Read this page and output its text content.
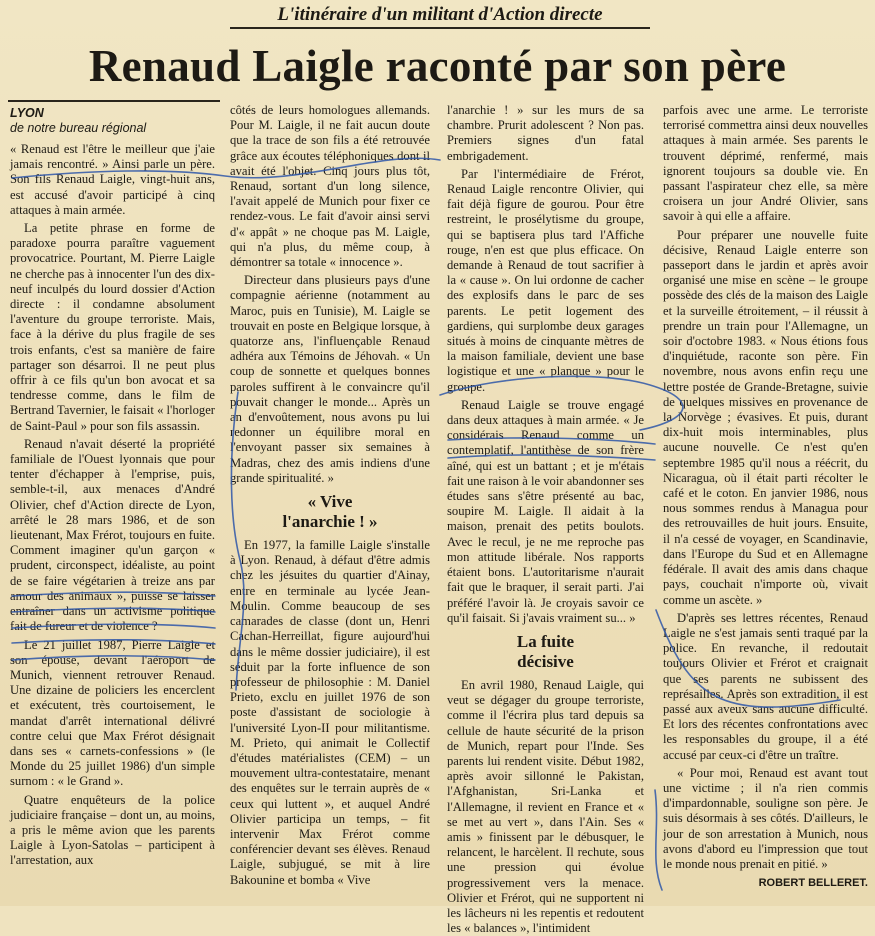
L'itinéraire d'un militant d'Action directe
Renaud Laigle raconté par son père
LYON
de notre bureau régional

« Renaud est l'être le meilleur que j'aie jamais rencontré. » Ainsi parle un père. Son fils Renaud Laigle, vingt-huit ans, est accusé d'avoir participé à cinq attaques à main armée.

La petite phrase en forme de paradoxe pourra paraître vaguement provocatrice. Pourtant, M. Pierre Laigle ne cherche pas à innocenter l'un des dix-neuf inculpés du lourd dossier d'Action directe : il condamne absolument l'aventure du groupe terroriste. Mais, face à la dérive du plus fragile de ses trois enfants, c'est sa manière de faire partager son désarroi. Il ne peut plus offrir à ce fils qu'un bon avocat et sa tendresse comme, dans le film de Bertrand Tavernier, le faisait « l'horloger de Saint-Paul » pour son fils assassin.

Renaud n'avait déserté la propriété familiale de l'Ouest lyonnais que pour tenter d'échapper à l'emprise, puis, semble-t-il, aux menaces d'André Olivier, chef d'Action directe de Lyon, arrêté le 28 mars 1986, et de son lieutenant, Max Frérot, toujours en fuite. Comment imaginer qu'un garçon « prudent, circonspect, idéaliste, au point de se faire végétarien à treize ans par amour des animaux », puisse se laisser entraîner dans un activisme politique fait de fureur et de violence ?

Le 21 juillet 1987, Pierre Laigle et son épouse, devant l'aéroport de Munich, viennent retrouver Renaud. Une dizaine de policiers les encerclent et exécutent, très courtoisement, le mandat d'arrêt international délivré contre celui que Max Frérot désignait dans ses « carnets-confessions » (le Monde du 25 juillet 1986) d'un simple surnom : « le Grand ».

Quatre enquêteurs de la police judiciaire française – dont un, au moins, a pris le même avion que les parents Laigle à Lyon-Satolas – participent à l'arrestation, aux

côtés de leurs homologues allemands. Pour M. Laigle, il ne fait aucun doute que la trace de son fils a été retrouvée grâce aux écoutes téléphoniques dont il avait été l'objet. Cinq jours plus tôt, Renaud, sortant d'un long silence, l'avait appelé de Munich pour fixer ce rendez-vous. Le fait d'avoir ainsi servi d'« appât » ne choque pas M. Laigle, qui n'a plus, du même coup, à démontrer sa totale « innocence ».

Directeur dans plusieurs pays d'une compagnie aérienne (notamment au Maroc, puis en Tunisie), M. Laigle se trouvait en poste en Belgique lorsque, à quatorze ans, l'influençable Renaud adhéra aux Témoins de Jéhovah. « Un coup de sonnette et quelques bonnes paroles suffirent à le convaincre qu'il pouvait changer le monde... Après un an d'envoûtement, nous avons pu lui redonner un équilibre moral en l'envoyant passer six semaines à Madras, chez des amis indiens d'une grande spiritualité. »

« Vive
l'anarchie ! »

En 1977, la famille Laigle s'installe à Lyon. Renaud, à défaut d'être admis chez les jésuites du quartier d'Ainay, entre en terminale au lycée Jean-Moulin. Comme beaucoup de ses camarades de classe (dont un, Henri Cachan-Herreillat, figure aujourd'hui dans le même dossier judiciaire), il est séduit par la forte influence de son professeur de philosophie : M. Daniel Prieto, exclu en juillet 1976 de son poste d'assistant de sociologie à l'université Lyon-II pour militantisme. M. Prieto, qui animait le Collectif d'études matérialistes (CEM) – un mouvement ultra-contestataire, menant des enquêtes sur le terrain auprès de « ceux qui luttent », et auquel André Olivier participa un temps, – fit intervenir Max Frérot comme conférencier devant ses élèves. Renaud Laigle, subjugué, se mit à lire Bakounine et bomba « Vive

l'anarchie ! » sur les murs de sa chambre. Prurit adolescent ? Non pas. Premiers signes d'un fatal embrigadement.

Par l'intermédiaire de Frérot, Renaud Laigle rencontre Olivier, qui fait déjà figure de gourou. Pour être restreint, le prosélytisme du groupe, qui se baptisera plus tard l'Affiche rouge, n'en est que plus efficace. On demande à Renaud de tout sacrifier à la « cause ». On lui ordonne de cacher des explosifs dans le parc de ses parents. Le petit logement des gardiens, qui surplombe deux garages situés à moins de cinquante mètres de la maison familiale, devient une base logistique et une « planque » pour le groupe.

Renaud Laigle se trouve engagé dans deux attaques à main armée. « Je considérais Renaud comme un contemplatif, l'antithèse de son frère aîné, qui est un battant ; et je m'étais fait une raison à le voir abandonner ses études sans s'être présenté au bac, soupire M. Laigle. Il aidait à la maison, prenait des petits boulots. Avec le recul, je ne me reproche pas mon attitude libérale. Nos rapports étaient bons. L'autoritarisme n'aurait fait que le braquer, il serait parti. J'ai préféré l'avoir là. Je croyais savoir ce qu'il faisait. Si j'avais vraiment su... »

La fuite
décisive

En avril 1980, Renaud Laigle, qui veut se dégager du groupe terroriste, comme il l'écrira plus tard depuis sa cellule de haute sécurité de la prison de Munich, repart pour l'Inde. Ses parents lui rendent visite. Début 1982, après avoir sillonné le Pakistan, l'Afghanistan, Sri-Lanka et l'Allemagne, il revient en France et « se met au vert », dans l'Ain. Ses « amis » finissent par le débusquer, le relancent, le harcèlent. Il rechute, sous une pression qui évolue progressivement vers la menace. Olivier et Frérot, qui ne supportent ni les lâcheurs ni les repentis et redoutent les « balances », l'intimident

parfois avec une arme. Le terroriste terrorisé commettra ainsi deux nouvelles attaques à main armée. Ses parents le trouvent déprimé, renfermé, mais ignorent toujours sa double vie. En passant l'aspirateur chez elle, sa mère croisera un jour André Olivier, sans savoir à qui elle a affaire.

Pour préparer une nouvelle fuite décisive, Renaud Laigle enterre son passeport dans le jardin et après avoir organisé une mise en scène – le groupe possède des clés de la maison des Laigle et la surveille étroitement, – il réussit à prendre un train pour l'Allemagne, un soir d'octobre 1983. « Nous étions fous d'inquiétude, raconte son père. Fin novembre, nous avons enfin reçu une lettre postée de Grande-Bretagne, suivie de quelques missives en provenance de la Norvège ; évasives. Et puis, durant dix-huit mois interminables, plus aucune nouvelle. Ce n'est qu'en septembre 1985 qu'il nous a réécrit, du Nicaragua, où il était parti récolter le café et le coton. En janvier 1986, nous nous sommes rendus à Managua pour des retrouvailles de huit jours. Ensuite, il n'a cessé de voyager, en Scandinavie, dans l'Europe du Sud et en Allemagne fédérale. Il avait des amis dans chaque pays, couchait n'importe où, vivait comme un ascète. »

D'après ses lettres récentes, Renaud Laigle ne s'est jamais senti traqué par la police. En revanche, il redoutait toujours Olivier et Frérot et craignait que ses parents ne subissent des représailles. Après son extradition, il est passé aux aveux sans aucune difficulté. Et lors des récentes confrontations avec les responsables du groupe, il a été accusé par ceux-ci d'être un traître.

« Pour moi, Renaud est avant tout une victime ; il n'a rien commis d'impardonnable, souligne son père. Je suis désormais à ses côtés. D'ailleurs, le jour de son arrestation à Munich, nous avons d'abord eu l'impression que tout le monde nous prenait en pitié. »

ROBERT BELLERET.
